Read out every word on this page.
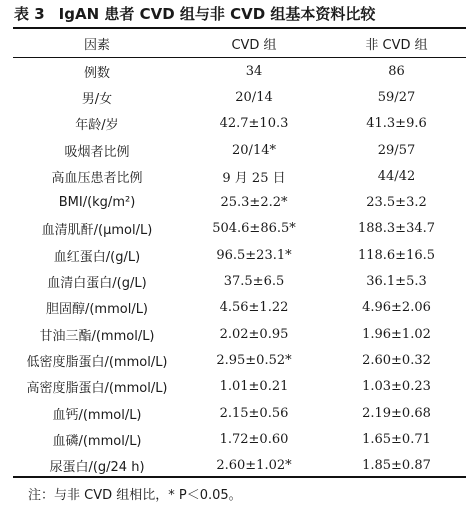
表 3 IgAN 患者 CVD 组与非 CVD 组基本资料比较
因素	CVD 组	非 CVD 组
例数	34	86
男/女	20/14	59/27
年龄/岁	42.7±10.3	41.3±9.6
吸烟者比例	20/14*	29/57
高血压患者比例	9 月 25 日	44/42
BMI/(kg/m²)	25.3±2.2*	23.5±3.2
血清肌酐/(μmol/L)	504.6±86.5*	188.3±34.7
血红蛋白/(g/L)	96.5±23.1*	118.6±16.5
血清白蛋白/(g/L)	37.5±6.5	36.1±5.3
胆固醇/(mmol/L)	4.56±1.22	4.96±2.06
甘油三酯/(mmol/L)	2.02±0.95	1.96±1.02
低密度脂蛋白/(mmol/L)	2.95±0.52*	2.60±0.32
高密度脂蛋白/(mmol/L)	1.01±0.21	1.03±0.23
血钙/(mmol/L)	2.15±0.56	2.19±0.68
血磷/(mmol/L)	1.72±0.60	1.65±0.71
尿蛋白/(g/24 h)	2.60±1.02*	1.85±0.87
注：与非 CVD 组相比，* P＜0.05。
